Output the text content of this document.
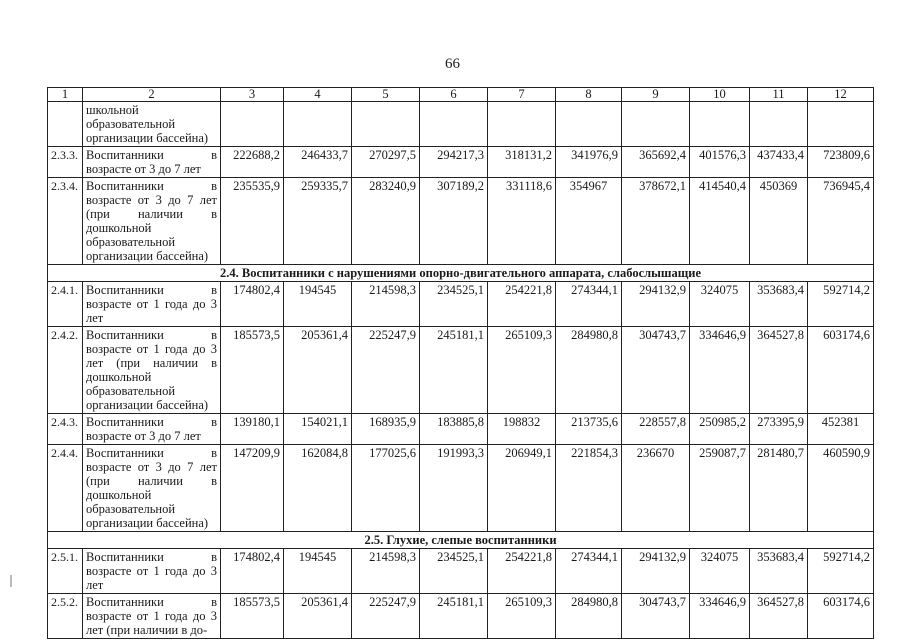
66
1	2	3	4	5	6	7	8	9	10	11	12
	школьной образовательной организации бассейна)										
2.3.3.	Воспитанники в возрасте от 3 до 7 лет	222688,2	246433,7	270297,5	294217,3	318131,2	341976,9	365692,4	401576,3	437433,4	723809,6
2.3.4.	Воспитанники в возрасте от 3 до 7 лет (при наличии в дошкольной образовательной организации бассейна)	235535,9	259335,7	283240,9	307189,2	331118,6	354967	378672,1	414540,4	450369	736945,4
2.4. Воспитанники с нарушениями опорно-двигательного аппарата, слабослышащие											
2.4.1.	Воспитанники в возрасте от 1 года до 3 лет	174802,4	194545	214598,3	234525,1	254221,8	274344,1	294132,9	324075	353683,4	592714,2
2.4.2.	Воспитанники в возрасте от 1 года до 3 лет (при наличии в дошкольной образовательной организации бассейна)	185573,5	205361,4	225247,9	245181,1	265109,3	284980,8	304743,7	334646,9	364527,8	603174,6
2.4.3.	Воспитанники в возрасте от 3 до 7 лет	139180,1	154021,1	168935,9	183885,8	198832	213735,6	228557,8	250985,2	273395,9	452381
2.4.4.	Воспитанники в возрасте от 3 до 7 лет (при наличии в дошкольной образовательной организации бассейна)	147209,9	162084,8	177025,6	191993,3	206949,1	221854,3	236670	259087,7	281480,7	460590,9
2.5. Глухие, слепые воспитанники											
2.5.1.	Воспитанники в возрасте от 1 года до 3 лет	174802,4	194545	214598,3	234525,1	254221,8	274344,1	294132,9	324075	353683,4	592714,2
2.5.2.	Воспитанники в возрасте от 1 года до 3 лет (при наличии в до-	185573,5	205361,4	225247,9	245181,1	265109,3	284980,8	304743,7	334646,9	364527,8	603174,6
